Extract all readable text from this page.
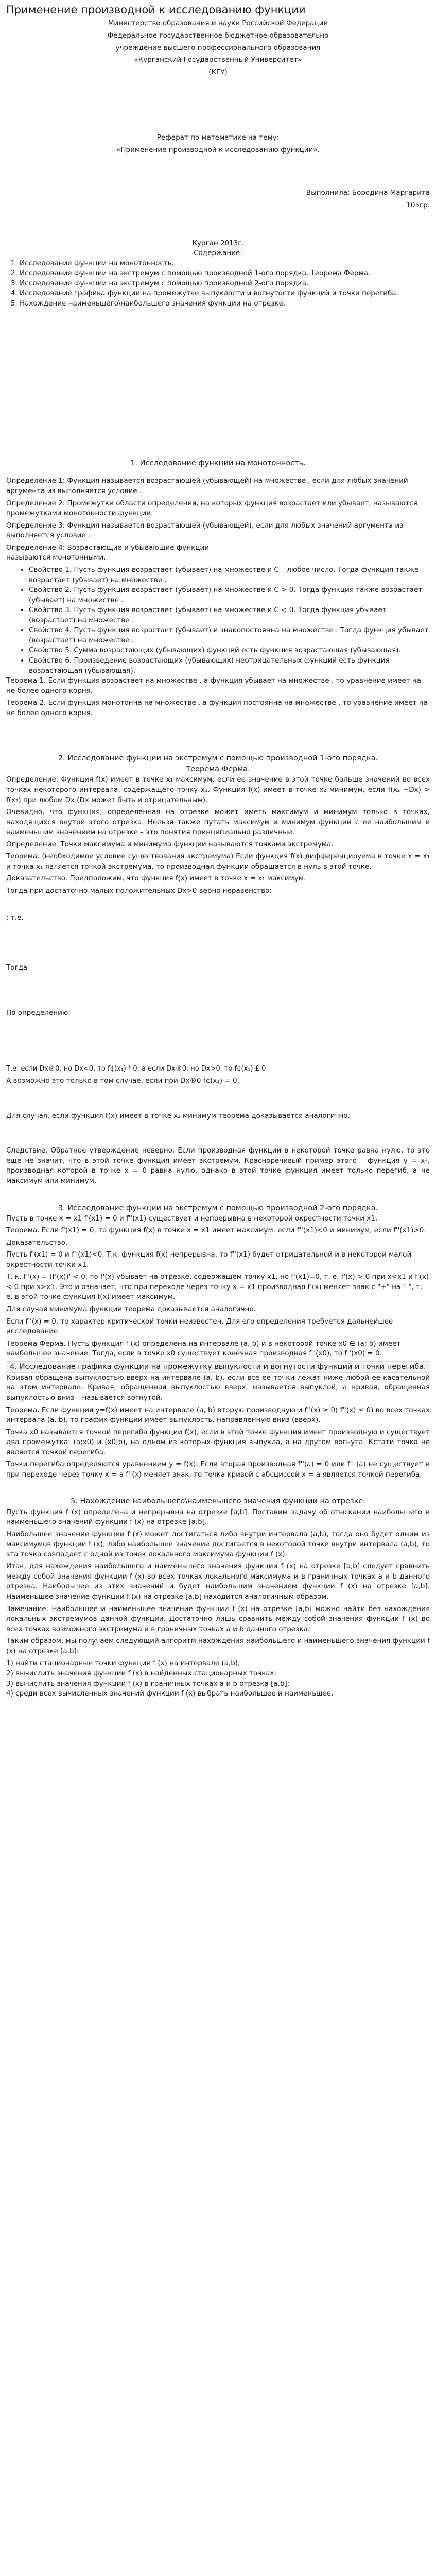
Применение производной к исследованию функции
Министерство образования и науки Российской Федерации
Федеральное государственное бюджетное образовательно
учреждение высшего профессионального образования
«Курганский Государственный Университет»
(КГУ)
Реферат по математике на тему:
«Применение производной к исследованию функции».
Выполнила: Бородина Маргарита
105гр.
Курган 2013г.
Содержание:
1. Исследование функции на монотонность.
2. Исследование функции на экстремум с помощью производной 1-ого порядка. Теорема Ферма.
3. Исследование функции на экстремум с помощью производной 2-ого порядка.
4. Исследование графика функции на промежутке выпуклости и вогнутости функций и точки перегиба.
5. Нахождение наименьшего\наибольшего значения функции на отрезке.
1. Исследование функции на монотонность.
Определение 1: Функция называется возрастающей (убывающей) на множестве , если для любых значений аргумента из выполняется условие .
Определение 2: Промежутки области определения, на которых функция возрастает или убывает, называются промежутками монотонности функции.
Определение 3: Функция называется возрастающей (убывающей), если для любых значений аргумента из выполняется условие .
Определение 4: Возрастающие и убывающие функции
называются монотонными.
• Свойство 1. Пусть функция возрастает (убывает) на множестве и С – любое число. Тогда функция также возрастает (убывает) на множестве .
• Свойство 2. Пусть функция возрастает (убывает) на множестве и С > 0. Тогда функция также возрастает (убывает) на множестве .
• Свойство 3. Пусть функция возрастает (убывает) на множестве и С < 0. Тогда функция убывает (возрастает) на множестве .
• Свойство 4. Пусть функция возрастает (убывает) и знакопостоянна на множестве . Тогда функция убывает (возрастает) на множестве .
• Свойство 5. Сумма возрастающих (убывающих) функций есть функция возрастающая (убывающая).
• Свойство 6. Произведение возрастающих (убывающих) неотрицательных функций есть функция возрастающая (убывающая).
Теорема 1. Если функция возрастает на множестве , а функция убывает на множестве , то уравнение имеет на не более одного корня.
Теорема 2. Если функция монотонна на множестве , а функция постоянна на множестве , то уравнение имеет на не более одного корня.
2. Исследование функции на экстремум с помощью производной 1-ого порядка.
Теорема Ферма.
Определение. Функция f(x) имеет в точке x₁ максимум, если ее значение в этой точке больше значений во всех точках некоторого интервала, содержащего точку x₁. Функция f(x) имеет в точке x₂ минимум, если f(x₂ +Dx) > f(x₂) при любом Dx (Dx может быть и отрицательным).
Очевидно, что функция, определенная на отрезке может иметь максимум и минимум только в точках, находящихся внутри этого отрезка. Нельзя также путать максимум и минимум функции с ее наибольшим и наименьшим значением на отрезке – это понятия принципиально различные.
Определение. Точки максимума и минимума функции называются точками экстремума.
Теорема. (необходимое условие существования экстремума) Если функция f(x) дифференцируема в точке x = x₁ и точка x₁ является точкой экстремума, то производная функции обращается в нуль в этой точке.
Доказательство. Предположим, что функция f(x) имеет в точке x = x₁ максимум.
Тогда при достаточно малых положительных Dx>0 верно неравенство:
; т.е.
Тогда
По определению:
Т.е. если Dx®0, но Dx<0, то f¢(x₁) ³ 0, а если Dx®0, но Dx>0, то f¢(x₁) £ 0.
А возможно это только в том случае, если при Dx®0 f¢(x₁) = 0.
Для случая, если функция f(x) имеет в точке x₂ минимум теорема доказывается аналогично.
Следствие. Обратное утверждение неверно. Если производная функции в некоторой точке равна нулю, то это еще не значит, что в этой точке функция имеет экстремум. Красноречивый пример этого – функция y = x³, производная которой в точке х = 0 равна нулю, однако в этой точке функция имеет только перегиб, а не максимум или минимум.
3. Исследование функции на экстремум с помощью производной 2-ого порядка.
Пусть в точке x = x1 f'(x1) = 0 и f''(x1) существует и непрерывна в некоторой окрестности точки x1.
Теорема. Если f'(x1) = 0, то функция f(x) в точке x = x1 имеет максимум, если f''(x1)<0 и минимум, если f''(x1)>0.
Доказательство.
Пусть f'(x1) = 0 и f''(x1)<0. Т.к. функция f(x) непрерывна, то f''(x1) будет отрицательной и в некоторой малой окрестности точки x1.
Т. к. f''(x) = (f'(x))' < 0, то f'(x) убывает на отрезке, содержащем точку x1, но f'(x1)=0, т. е. f'(x) > 0 при x<x1 и f'(x) < 0 при x>x1. Это и означает, что при переходе через точку x = x1 производная f'(x) меняет знак с "+" на "-", т. е. в этой точке функция f(x) имеет максимум.
Для случая минимума функции теорема доказывается аналогично.
Если f''(x) = 0, то характер критической точки неизвестен. Для его определения требуется дальнейшее исследование.
Теорема Ферма. Пусть функция f (x) определена на интервале (a, b) и в некоторой точке x0 ∈ (a; b) имеет наибольшее значение. Тогда, если в точке x0 существует конечная производная f '(x0), то f '(x0) = 0.
4. Исследование графика функции на промежутку выпуклости и вогнутости функций и точки перегиба.
Кривая обращена выпуклостью вверх на интервале (a, b), если все ее точки лежат ниже любой ее касательной на этом интервале. Кривая, обращенная выпуклостью вверх, называется выпуклой, а кривая, обращенная выпуклостью вниз – называется вогнутой.
Теорема. Если функция y=f(x) имеет на интервале (a, b) вторую производную и f''(x) ≥ 0( f''(x) ≤ 0) во всех точках интервала (a, b), то график функции имеет выпуклость, направленную вниз (вверх).
Точка x0 называется точкой перегиба функции f(x), если в этой точке функция имеет производную и существует два промежутка: (a;x0) и (x0;b), на одном из которых функция выпукла, а на другом вогнута. Кстати точка не является точкой перегиба.
Точки перегиба определяются уравнением y = f(x). Если вторая производная f''(a) = 0 или f'' (a) не существует и при переходе через точку x = a f''(x) меняет знак, то точка кривой с абсциссой x = a является точкой перегиба.
5. Нахождение наибольшего\наименьшего значения функции на отрезке.
Пусть функция f (x) определена и непрерывна на отрезке [a,b]. Поставим задачу об отыскании наибольшего и наименьшего значений функции f (x) на отрезке [a,b].
Наибольшее значение функции f (x) может достигаться либо внутри интервала (a,b), тогда оно будет одним из максимумов функции f (x), либо наибольшее значение достигается в некоторой точке внутри интервала (a,b), то эта точка совпадает с одной из точек локального максимума функции f (x).
Итак, для нахождения наибольшего и наименьшего значения функции f (x) на отрезке [a,b] следует сравнить между собой значения функции f (x) во всех точках локального максимума и в граничных точках a и b данного отрезка. Наибольшее из этих значений и будет наибольшим значением функции f (x) на отрезке [a,b]. Наименьшее значение функции f (x) на отрезке [a,b] находится аналогичным образом.
Замечание. Наибольшее и наименьшее значение функции f (x) на отрезке [a,b] можно найти без нахождения локальных экстремумов данной функции. Достаточно лишь сравнить между собой значения функции f (x) во всех точках возможного экстремума и в граничных точках a и b данного отрезка.
Таким образом, мы получаем следующий алгоритм нахождения наибольшего и наименьшего значения функции f (x) на отрезке [a,b]:
1) найти стационарные точки функции f (x) на интервале (a,b);
2) вычислить значения функции f (x) в найденных стационарных точках;
3) вычислить значения функции f (x) в граничных точках a и b отрезка [a,b];
4) среди всех вычисленных значений функции f (x) выбрать наибольшее и наименьшее.
